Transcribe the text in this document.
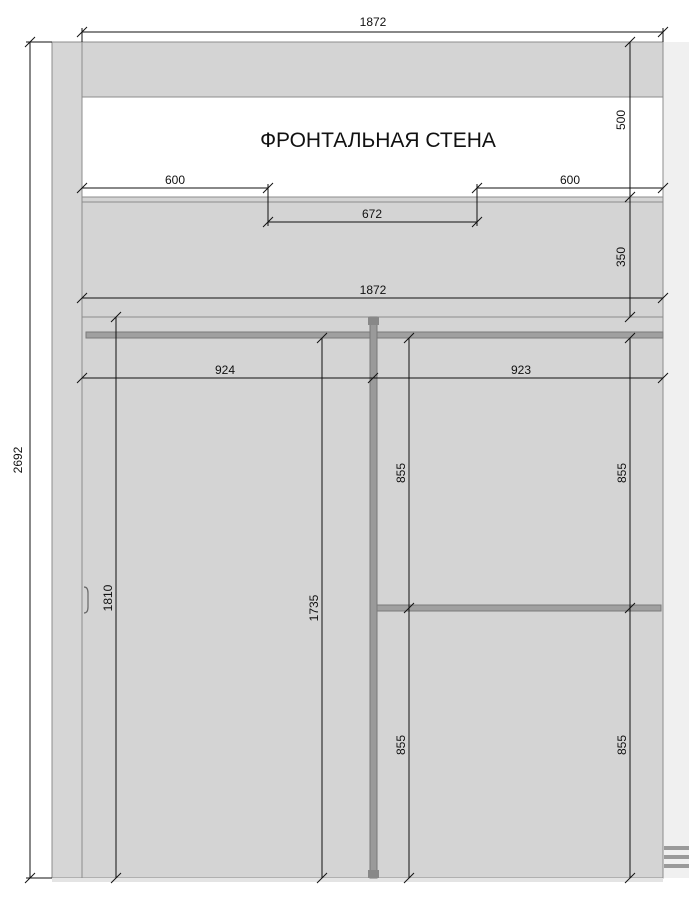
ФРОНТАЛЬНАЯ СТЕНА
2692
1872
500
600	600
672
350
1872
924	923
1810	1735
855	855
855	855
